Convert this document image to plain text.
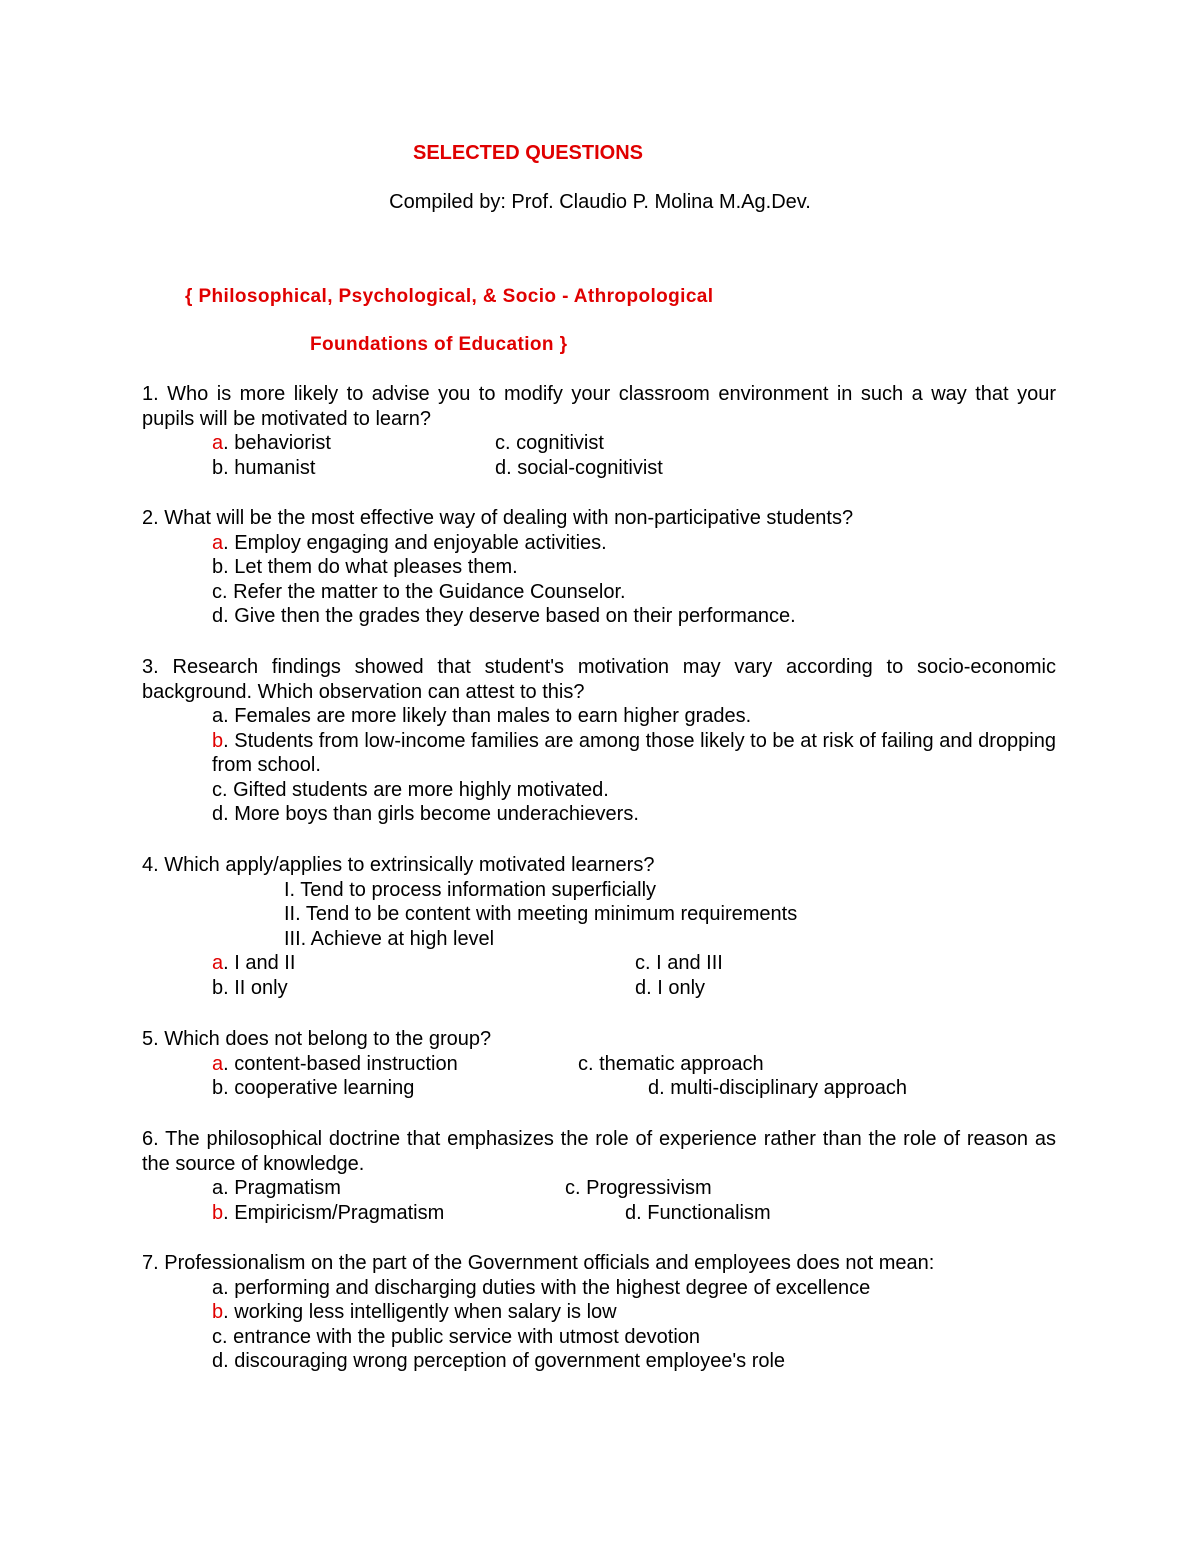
SELECTED QUESTIONS
Compiled by: Prof. Claudio P. Molina M.Ag.Dev.
{ Philosophical, Psychological, & Socio - Athropological
Foundations of Education }
1. Who is more likely to advise you to modify your classroom environment in such a way that your pupils will be motivated to learn?
a. behaviorist	c. cognitivist
b. humanist	d. social-cognitivist
2. What will be the most effective way of dealing with non-participative students?
a. Employ engaging and enjoyable activities.
b. Let them do what pleases them.
c. Refer the matter to the Guidance Counselor.
d. Give then the grades they deserve based on their performance.
3. Research findings showed that student's motivation may vary according to socio-economic background. Which observation can attest to this?
a. Females are more likely than males to earn higher grades.
b. Students from low-income families are among those likely to be at risk of failing and dropping from school.
c. Gifted students are more highly motivated.
d. More boys than girls become underachievers.
4. Which apply/applies to extrinsically motivated learners?
I. Tend to process information superficially
II. Tend to be content with meeting minimum requirements
III. Achieve at high level
a. I and II	c. I and III
b. II only	d. I only
5. Which does not belong to the group?
a. content-based instruction	c. thematic approach
b. cooperative learning	d. multi-disciplinary approach
6. The philosophical doctrine that emphasizes the role of experience rather than the role of reason as the source of knowledge.
a. Pragmatism	c. Progressivism
b. Empiricism/Pragmatism	d. Functionalism
7. Professionalism on the part of the Government officials and employees does not mean:
a. performing and discharging duties with the highest degree of excellence
b. working less intelligently when salary is low
c. entrance with the public service with utmost devotion
d. discouraging wrong perception of government employee's role
